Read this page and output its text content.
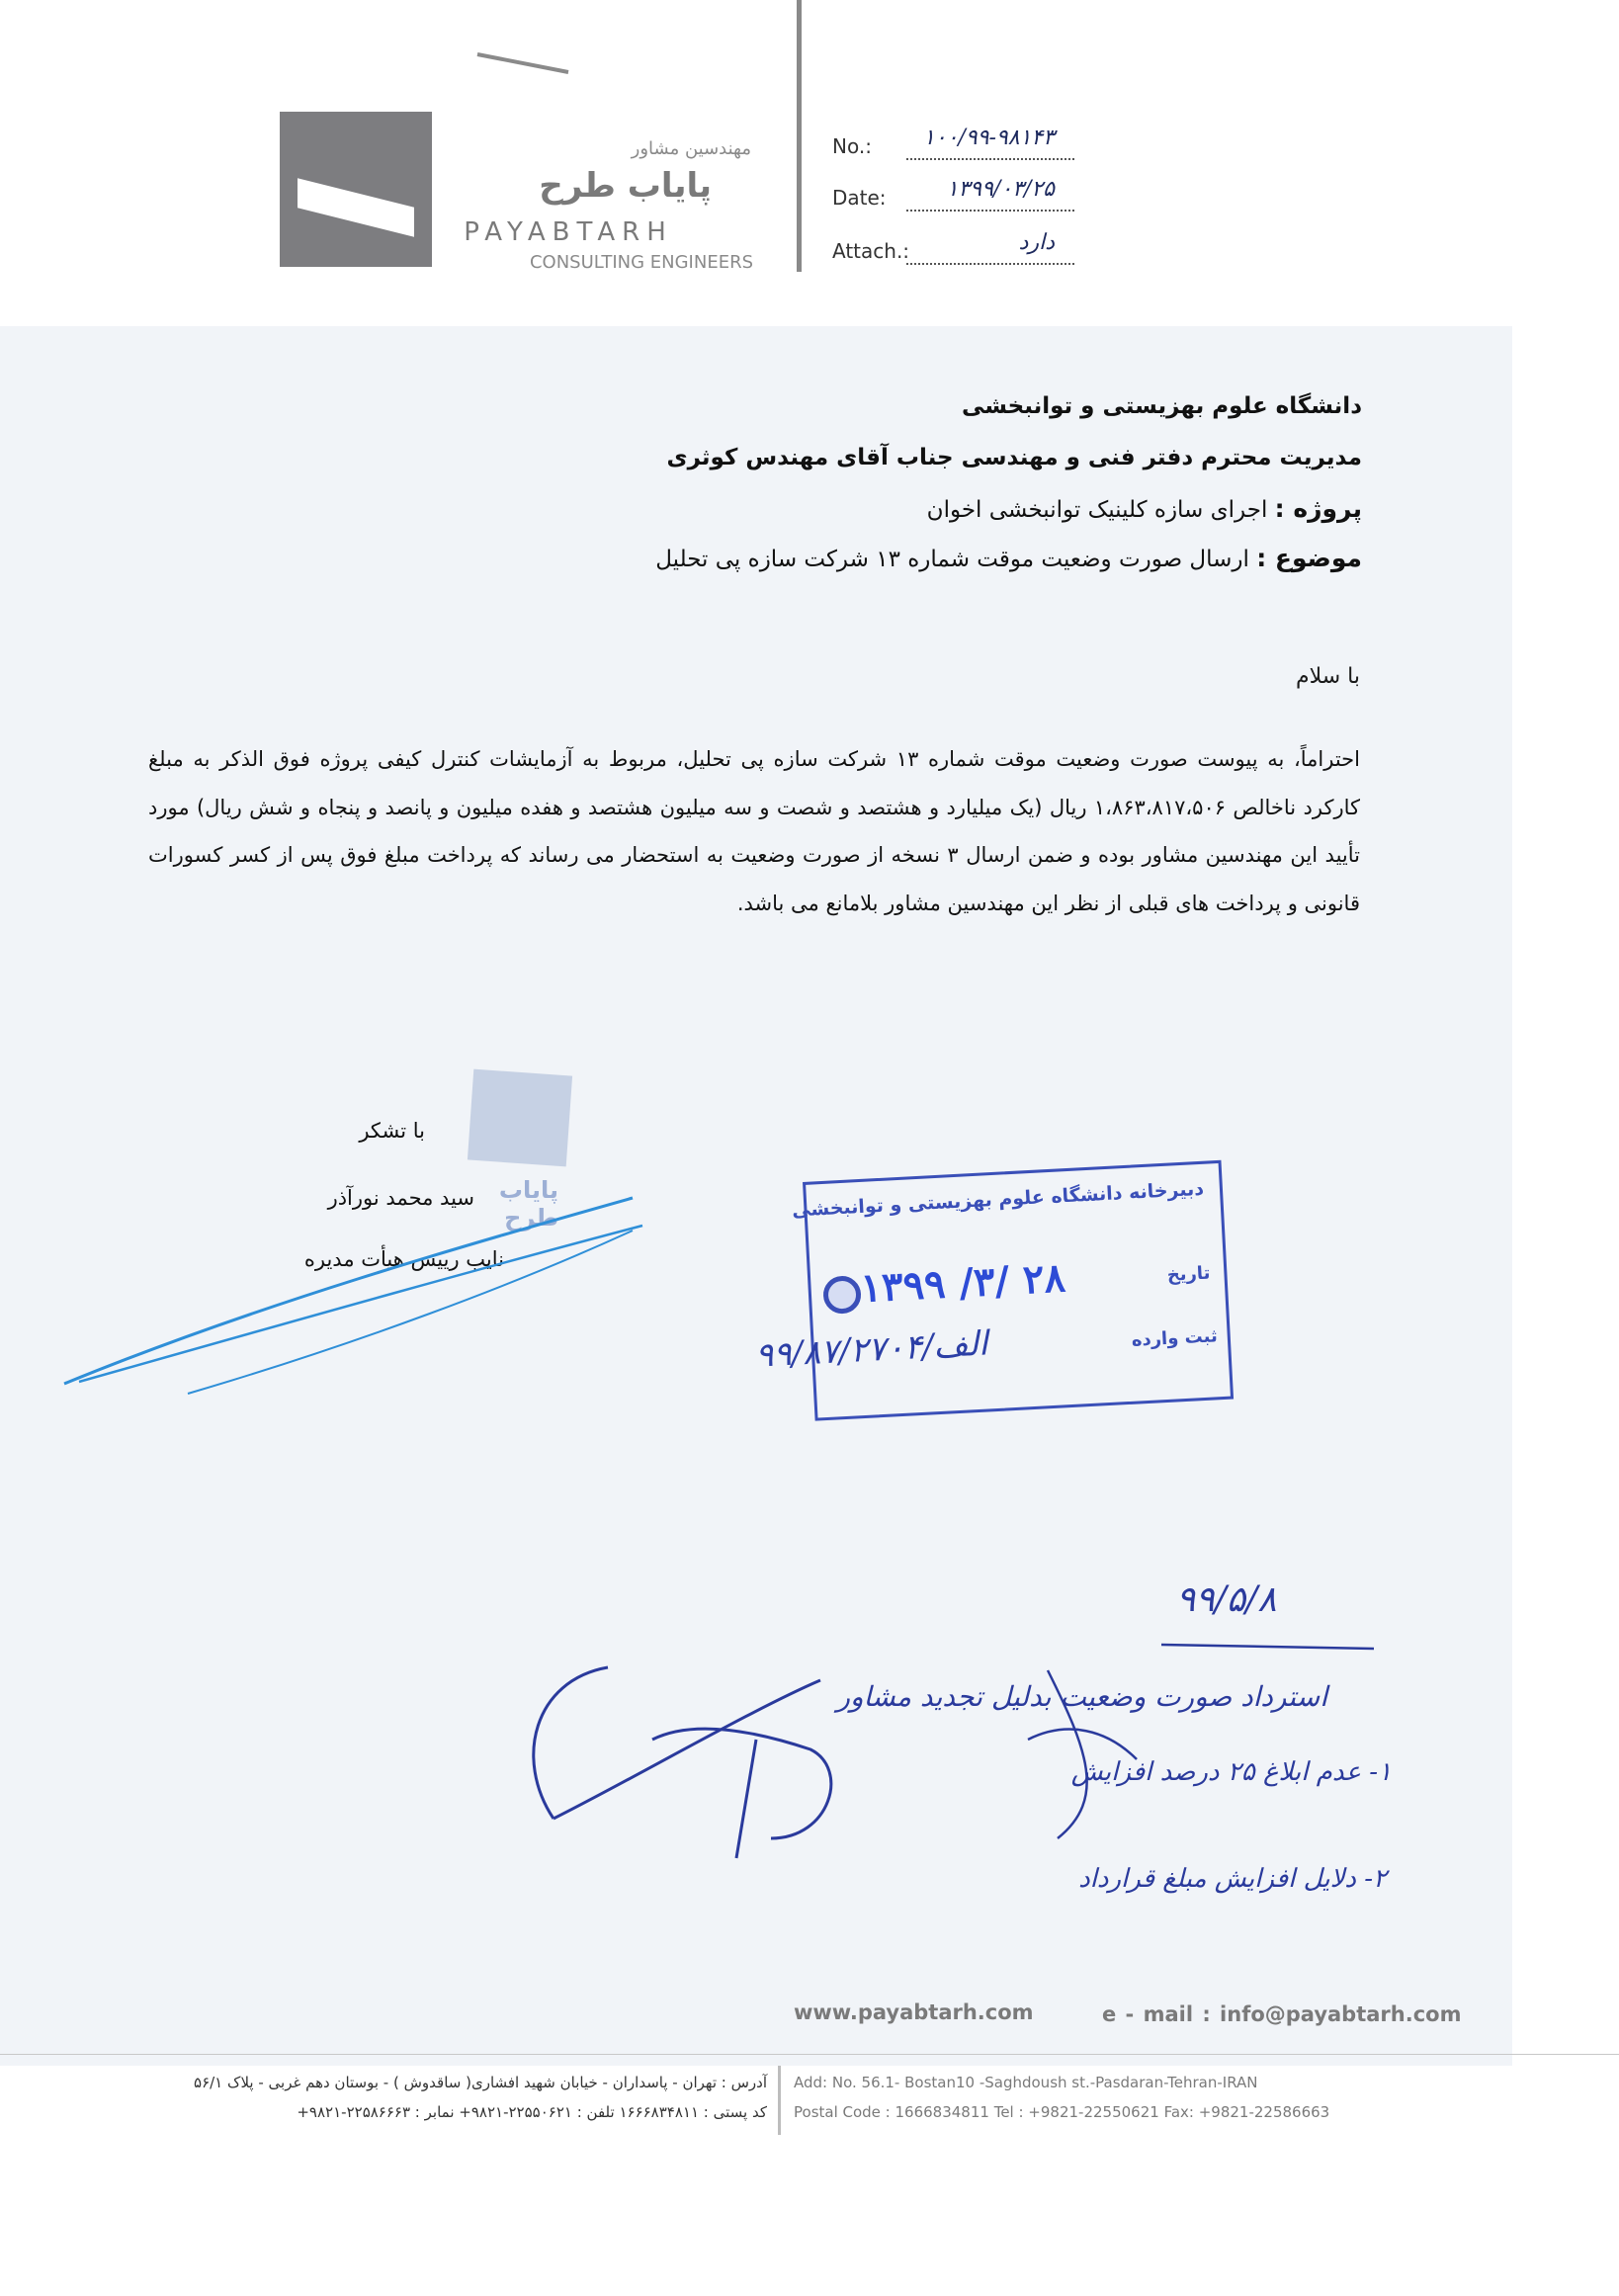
مهندسین مشاور
پایاب طرح
PAYABTARH
CONSULTING ENGINEERS
No.:	۱۰۰/۹۹-۹۸۱۴۳
Date:	۱۳۹۹/۰۳/۲۵
Attach.:	دارد
دانشگاه علوم بهزیستی و توانبخشی
مدیریت محترم دفتر فنی و مهندسی جناب آقای مهندس کوثری
پروژه : اجرای سازه کلینیک توانبخشی اخوان
موضوع : ارسال صورت وضعیت موقت شماره ۱۳ شرکت سازه پی تحلیل
با سلام
احتراماً، به پیوست صورت وضعیت موقت شماره ۱۳ شرکت سازه پی تحلیل، مربوط به آزمایشات کنترل کیفی پروژه فوق الذکر به مبلغ کارکرد ناخالص ۱،۸۶۳،۸۱۷،۵۰۶ ریال (یک میلیارد و هشتصد و شصت و سه میلیون هشتصد و هفده میلیون و پانصد و پنجاه و شش ریال) مورد تأیید این مهندسین مشاور بوده و ضمن ارسال ۳ نسخه از صورت وضعیت به استحضار می رساند که پرداخت مبلغ فوق پس از کسر کسورات قانونی و پرداخت های قبلی از نظر این مهندسین مشاور بلامانع می باشد.
پایاب طرح
با تشکر
سید محمد نورآذر
نایب رییس هیأت مدیره
دبیرخانه دانشگاه علوم بهزیستی و توانبخشی
۱۳۹۹ /۳/ ۲۸	تاریخ
ثبت وارده
۹۹/۸۷/الف/۲۷۰۴
۹۹/۵/۸
استرداد صورت وضعیت بدلیل تجدید مشاور
۱- عدم ابلاغ ۲۵ درصد افزایش
۲- دلایل افزایش مبلغ قرارداد
www.payabtarh.com	e - mail : info@payabtarh.com
آدرس : تهران - پاسداران - خیابان شهید افشاری( ساقدوش ) - بوستان دهم غربی - پلاک ۵۶/۱
کد پستی : ۱۶۶۶۸۳۴۸۱۱ تلفن : ۲۲۵۵۰۶۲۱-۹۸۲۱+ نمابر : ۲۲۵۸۶۶۶۳-۹۸۲۱+
Add: No. 56.1- Bostan10 -Saghdoush st.-Pasdaran-Tehran-IRAN
Postal Code : 1666834811 Tel : +9821-22550621 Fax: +9821-22586663
